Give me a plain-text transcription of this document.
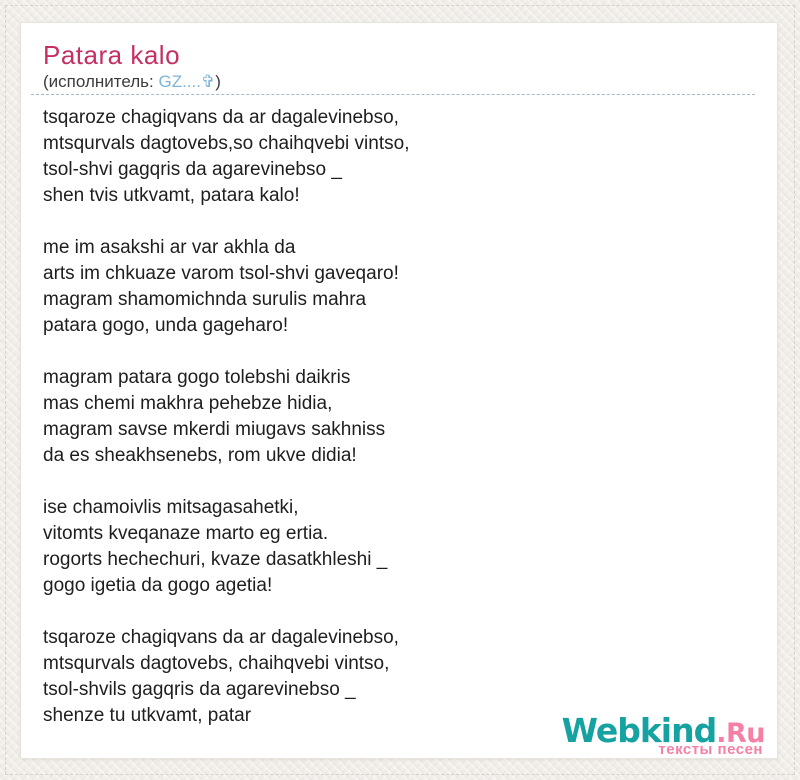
Patara kalo
(исполнитель: GZ....✞)
tsqaroze chagiqvans da ar dagalevinebso,
mtsqurvals dagtovebs,so chaihqvebi vintso,
tsol-shvi gagqris da agarevinebso _
shen tvis utkvamt, patara kalo!
me im asakshi ar var akhla da
arts im chkuaze varom tsol-shvi gaveqaro!
magram shamomichnda surulis mahra
patara gogo, unda gageharo!
magram patara gogo tolebshi daikris
mas chemi makhra pehebze hidia,
magram savse mkerdi miugavs sakhniss
da es sheakhsenebs, rom ukve didia!
ise chamoivlis mitsagasahetki,
vitomts kveqanaze marto eg ertia.
rogorts hechechuri, kvaze dasatkhleshi _
gogo igetia da gogo agetia!
tsqaroze chagiqvans da ar dagalevinebso,
mtsqurvals dagtovebs, chaihqvebi vintso,
tsol-shvils gagqris da agarevinebso _
shenze tu utkvamt, patar	Webkind.Ru
тексты песен
